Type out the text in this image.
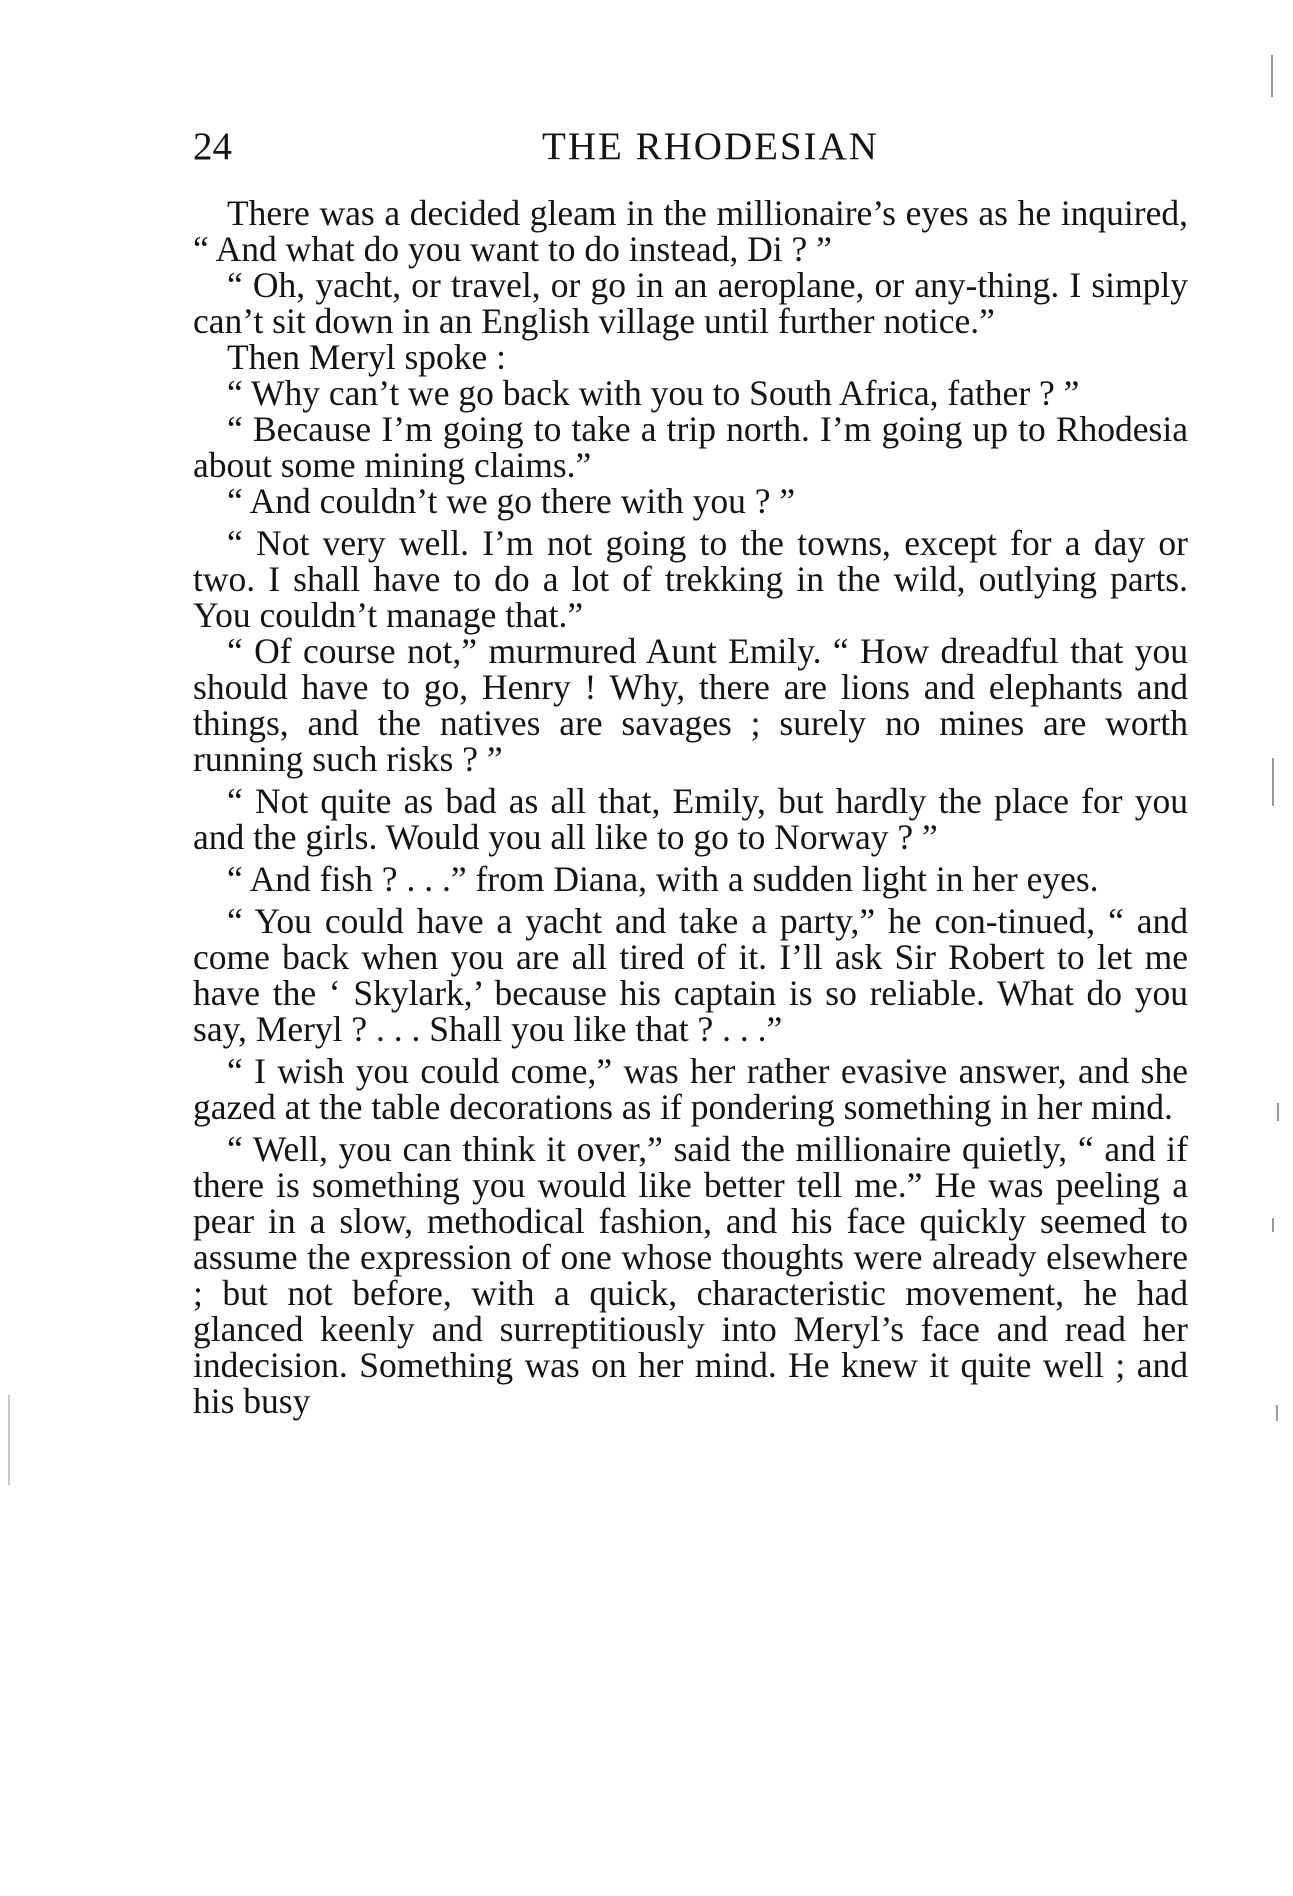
24	THE RHODESIAN

There was a decided gleam in the millionaire’s eyes as he inquired, “ And what do you want to do instead, Di ? ”

“ Oh, yacht, or travel, or go in an aeroplane, or any-thing. I simply can’t sit down in an English village until further notice.”

Then Meryl spoke :

“ Why can’t we go back with you to South Africa, father ? ”

“ Because I’m going to take a trip north. I’m going up to Rhodesia about some mining claims.”

“ And couldn’t we go there with you ? ”

“ Not very well. I’m not going to the towns, except for a day or two. I shall have to do a lot of trekking in the wild, outlying parts. You couldn’t manage that.”

“ Of course not,” murmured Aunt Emily. “ How dreadful that you should have to go, Henry ! Why, there are lions and elephants and things, and the natives are savages ; surely no mines are worth running such risks ? ”

“ Not quite as bad as all that, Emily, but hardly the place for you and the girls. Would you all like to go to Norway ? ”

“ And fish ? . . .” from Diana, with a sudden light in her eyes.

“ You could have a yacht and take a party,” he con-tinued, “ and come back when you are all tired of it. I’ll ask Sir Robert to let me have the ‘ Skylark,’ because his captain is so reliable. What do you say, Meryl ? . . . Shall you like that ? . . .”

“ I wish you could come,” was her rather evasive answer, and she gazed at the table decorations as if pondering something in her mind.

“ Well, you can think it over,” said the millionaire quietly, “ and if there is something you would like better tell me.” He was peeling a pear in a slow, methodical fashion, and his face quickly seemed to assume the expression of one whose thoughts were already elsewhere ; but not before, with a quick, characteristic movement, he had glanced keenly and surreptitiously into Meryl’s face and read her indecision. Something was on her mind. He knew it quite well ; and his busy
